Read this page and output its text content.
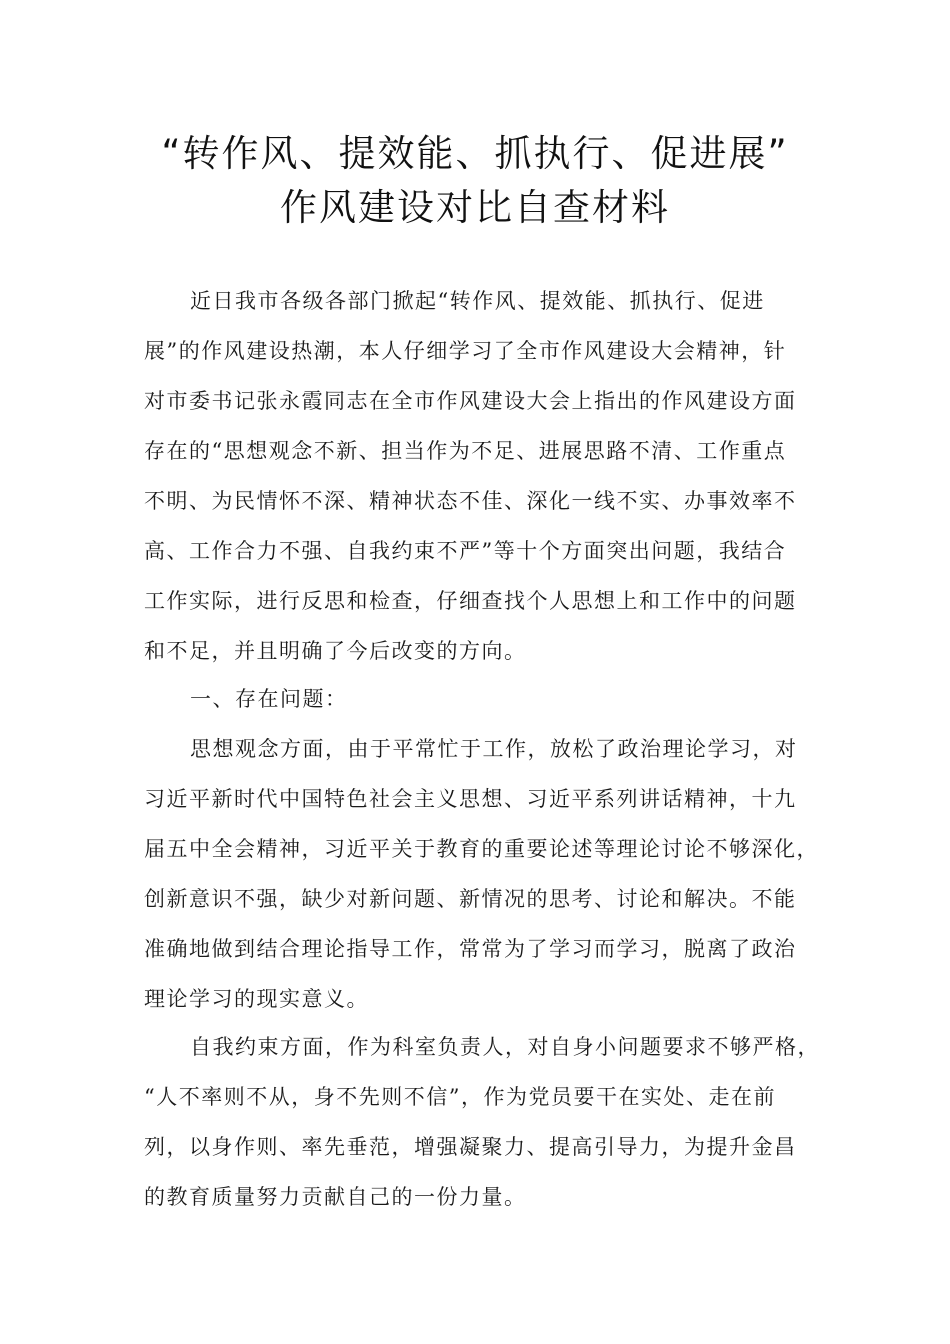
“转作风、提效能、抓执行、促进展”
作风建设对比自查材料
近日我市各级各部门掀起“转作风、提效能、抓执行、促进
展”的作风建设热潮，本人仔细学习了全市作风建设大会精神，针
对市委书记张永霞同志在全市作风建设大会上指出的作风建设方面
存在的“思想观念不新、担当作为不足、进展思路不清、工作重点
不明、为民情怀不深、精神状态不佳、深化一线不实、办事效率不
高、工作合力不强、自我约束不严”等十个方面突出问题，我结合
工作实际，进行反思和检查，仔细查找个人思想上和工作中的问题
和不足，并且明确了今后改变的方向。
一、存在问题：
思想观念方面，由于平常忙于工作，放松了政治理论学习，对
习近平新时代中国特色社会主义思想、习近平系列讲话精神，十九
届五中全会精神，习近平关于教育的重要论述等理论讨论不够深化，
创新意识不强，缺少对新问题、新情况的思考、讨论和解决。不能
准确地做到结合理论指导工作，常常为了学习而学习，脱离了政治
理论学习的现实意义。
自我约束方面，作为科室负责人，对自身小问题要求不够严格，
“人不率则不从，身不先则不信”，作为党员要干在实处、走在前
列，以身作则、率先垂范，增强凝聚力、提高引导力，为提升金昌
的教育质量努力贡献自己的一份力量。
